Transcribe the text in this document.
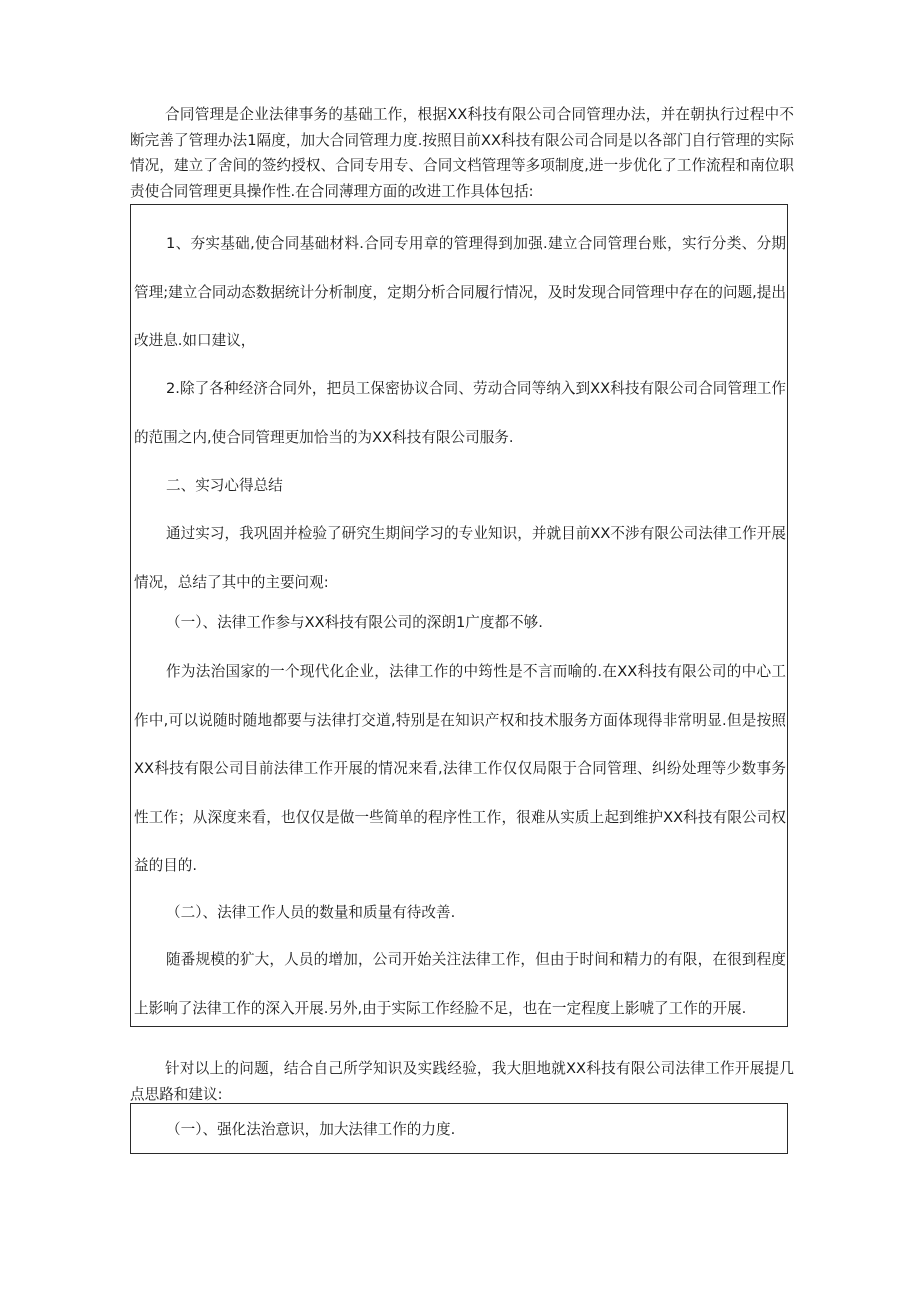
合同管理是企业法律事务的基础工作，根据XX科技有限公司合同管理办法，并在朝执行过程中不断完善了管理办法1隔度，加大合同管理力度.按照目前XX科技有限公司合同是以各部门自行管理的实际情况，建立了舍间的签约授权、合同专用专、合同文档管理等多项制度,进一步优化了工作流程和南位职责使合同管理更具操作性.在合同薄理方面的改进工作具体包括:

1、夯实基础,使合同基础材料.合同专用章的管理得到加强.建立合同管理台账，实行分类、分期管理;建立合同动态数据统计分析制度，定期分析合同履行情况，及时发现合同管理中存在的问题,提出改进息.如口建议，

2.除了各种经济合同外，把员工保密协议合同、劳动合同等纳入到XX科技有限公司合同管理工作的范围之内,使合同管理更加恰当的为XX科技有限公司服务.

二、实习心得总结

通过实习，我巩固并检验了研究生期间学习的专业知识，并就目前XX不涉有限公司法律工作开展情况，总结了其中的主要问观:

（一）、法律工作参与XX科技有限公司的深朗1广度都不够.

作为法治国家的一个现代化企业，法律工作的中筠性是不言而喻的.在XX科技有限公司的中心工作中,可以说随时随地都要与法律打交道,特别是在知识产权和技术服务方面体现得非常明显.但是按照XX科技有限公司目前法律工作开展的情况来看,法律工作仅仅局限于合同管理、纠纷处理等少数事务性工作；从深度来看，也仅仅是做一些简单的程序性工作，很难从实质上起到维护XX科技有限公司权益的目的.

（二）、法律工作人员的数量和质量有待改善.

随番规模的犷大，人员的增加，公司开始关注法律工作，但由于时间和精力的有限，在很到程度上影响了法律工作的深入开展.另外,由于实际工作经脸不足，也在一定程度上影唬了工作的开展.

针对以上的问题，结合自己所学知识及实践经验，我大胆地就XX科技有限公司法律工作开展提几点思路和建议:

（一）、强化法治意识，加大法律工作的力度.
